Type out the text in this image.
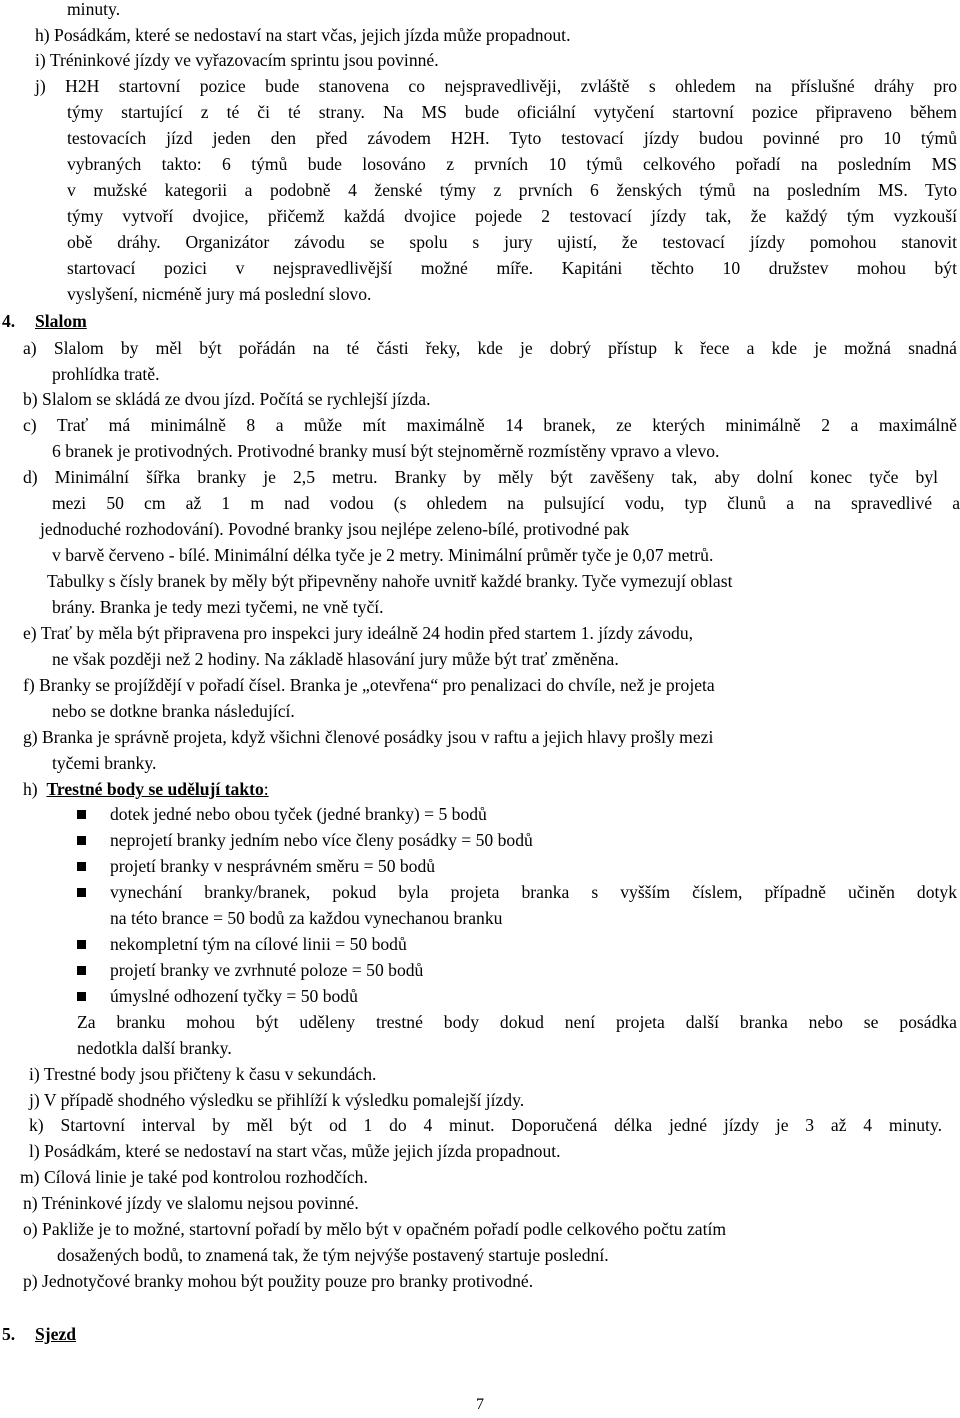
minuty.
h) Posádkám, které se nedostaví na start včas, jejich jízda může propadnout.
i) Tréninkové jízdy ve vyřazovacím sprintu jsou povinné.
j) H2H startovní pozice bude stanovena co nejspravedlivěji, zvláště s ohledem na příslušné dráhy pro
týmy startující z té či té strany. Na MS bude oficiální vytyčení startovní pozice připraveno během
testovacích jízd jeden den před závodem H2H. Tyto testovací jízdy budou povinné pro 10 týmů
vybraných takto: 6 týmů bude losováno z prvních 10 týmů celkového pořadí na posledním MS
v mužské kategorii a podobně 4 ženské týmy z prvních 6 ženských týmů na posledním MS. Tyto
týmy vytvoří dvojice, přičemž každá dvojice pojede 2 testovací jízdy tak, že každý tým vyzkouší
obě dráhy. Organizátor závodu se spolu s jury ujistí, že testovací jízdy pomohou stanovit
startovací pozici v nejspravedlivější možné míře. Kapitáni těchto 10 družstev mohou být
vyslyšení, nicméně jury má poslední slovo.
4. Slalom
a) Slalom by měl být pořádán na té části řeky, kde je dobrý přístup k řece a kde je možná snadná
prohlídka tratě.
b) Slalom se skládá ze dvou jízd. Počítá se rychlejší jízda.
c) Trať má minimálně 8 a může mít maximálně 14 branek, ze kterých minimálně 2 a maximálně
6 branek je protivodných. Protivodné branky musí být stejnoměrně rozmístěny vpravo a vlevo.
d) Minimální šířka branky je 2,5 metru. Branky by měly být zavěšeny tak, aby dolní konec tyče byl
mezi 50 cm až 1 m nad vodou (s ohledem na pulsující vodu, typ člunů a na spravedlivé a
jednoduché rozhodování). Povodné branky jsou nejlépe zeleno-bílé, protivodné pak
v barvě červeno - bílé. Minimální délka tyče je 2 metry. Minimální průměr tyče je 0,07 metrů.
Tabulky s čísly branek by měly být připevněny nahoře uvnitř každé branky. Tyče vymezují oblast
brány. Branka je tedy mezi tyčemi, ne vně tyčí.
e) Trať by měla být připravena pro inspekci jury ideálně 24 hodin před startem 1. jízdy závodu,
ne však později než 2 hodiny. Na základě hlasování jury může být trať změněna.
f) Branky se projíždějí v pořadí čísel. Branka je „otevřena“ pro penalizaci do chvíle, než je projeta
nebo se dotkne branka následující.
g) Branka je správně projeta, když všichni členové posádky jsou v raftu a jejich hlavy prošly mezi
tyčemi branky.
h) Trestné body se udělují takto:
dotek jedné nebo obou tyček (jedné branky) = 5 bodů
neprojetí branky jedním nebo více členy posádky = 50 bodů
projetí branky v nesprávném směru = 50 bodů
vynechání branky/branek, pokud byla projeta branka s vyšším číslem, případně učiněn dotyk
na této brance = 50 bodů za každou vynechanou branku
nekompletní tým na cílové linii = 50 bodů
projetí branky ve zvrhnuté poloze = 50 bodů
úmyslné odhození tyčky = 50 bodů
Za branku mohou být uděleny trestné body dokud není projeta další branka nebo se posádka
nedotkla další branky.
i) Trestné body jsou přičteny k času v sekundách.
j) V případě shodného výsledku se přihlíží k výsledku pomalejší jízdy.
k) Startovní interval by měl být od 1 do 4 minut. Doporučená délka jedné jízdy je 3 až 4 minuty.
l) Posádkám, které se nedostaví na start včas, může jejich jízda propadnout.
m) Cílová linie je také pod kontrolou rozhodčích.
n) Tréninkové jízdy ve slalomu nejsou povinné.
o) Pakliže je to možné, startovní pořadí by mělo být v opačném pořadí podle celkového počtu zatím
dosažených bodů, to znamená tak, že tým nejvýše postavený startuje poslední.
p) Jednotyčové branky mohou být použity pouze pro branky protivodné.
5. Sjezd
7
